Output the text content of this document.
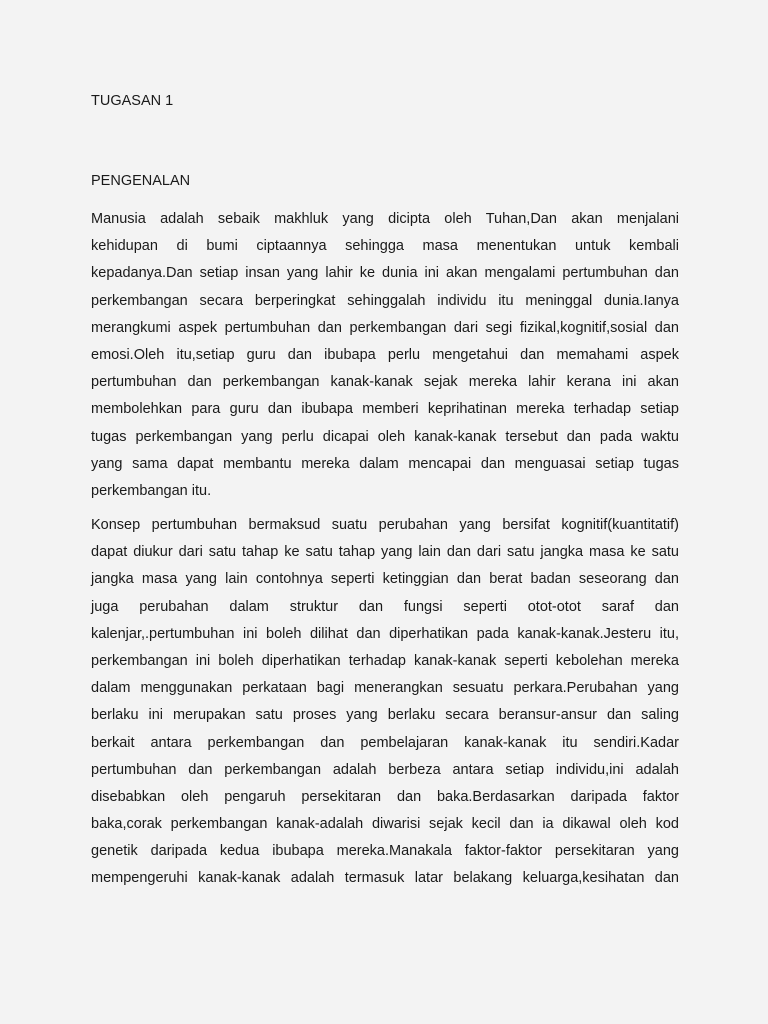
TUGASAN 1
PENGENALAN
Manusia adalah sebaik makhluk yang dicipta oleh Tuhan,Dan akan menjalani
kehidupan di bumi ciptaannya sehingga masa menentukan untuk kembali
kepadanya.Dan setiap insan yang lahir ke dunia ini akan mengalami pertumbuhan dan
perkembangan secara berperingkat sehinggalah individu itu meninggal dunia.Ianya
merangkumi aspek pertumbuhan dan perkembangan dari segi fizikal,kognitif,sosial dan
emosi.Oleh itu,setiap guru dan ibubapa perlu mengetahui dan memahami aspek
pertumbuhan dan perkembangan kanak-kanak sejak mereka lahir kerana ini akan
membolehkan para guru dan ibubapa memberi keprihatinan mereka terhadap setiap
tugas perkembangan yang perlu dicapai oleh kanak-kanak tersebut dan pada waktu
yang sama dapat membantu mereka dalam mencapai dan menguasai setiap tugas
perkembangan itu.
Konsep pertumbuhan bermaksud suatu perubahan yang bersifat kognitif(kuantitatif)
dapat diukur dari satu tahap ke satu tahap yang lain dan dari satu jangka masa ke satu
jangka masa yang lain contohnya seperti ketinggian dan berat badan seseorang dan
juga perubahan dalam struktur dan fungsi seperti otot-otot saraf dan
kalenjar,.pertumbuhan ini boleh dilihat dan diperhatikan pada kanak-kanak.Jesteru itu,
perkembangan ini boleh diperhatikan terhadap kanak-kanak seperti kebolehan mereka
dalam menggunakan perkataan bagi menerangkan sesuatu perkara.Perubahan yang
berlaku ini merupakan satu proses yang berlaku secara beransur-ansur dan saling
berkait antara perkembangan dan pembelajaran kanak-kanak itu sendiri.Kadar
pertumbuhan dan perkembangan adalah berbeza antara setiap individu,ini adalah
disebabkan oleh pengaruh persekitaran dan baka.Berdasarkan daripada faktor
baka,corak perkembangan kanak-adalah diwarisi sejak kecil dan ia dikawal oleh kod
genetik daripada kedua ibubapa mereka.Manakala faktor-faktor persekitaran yang
mempengeruhi kanak-kanak adalah termasuk latar belakang keluarga,kesihatan dan
